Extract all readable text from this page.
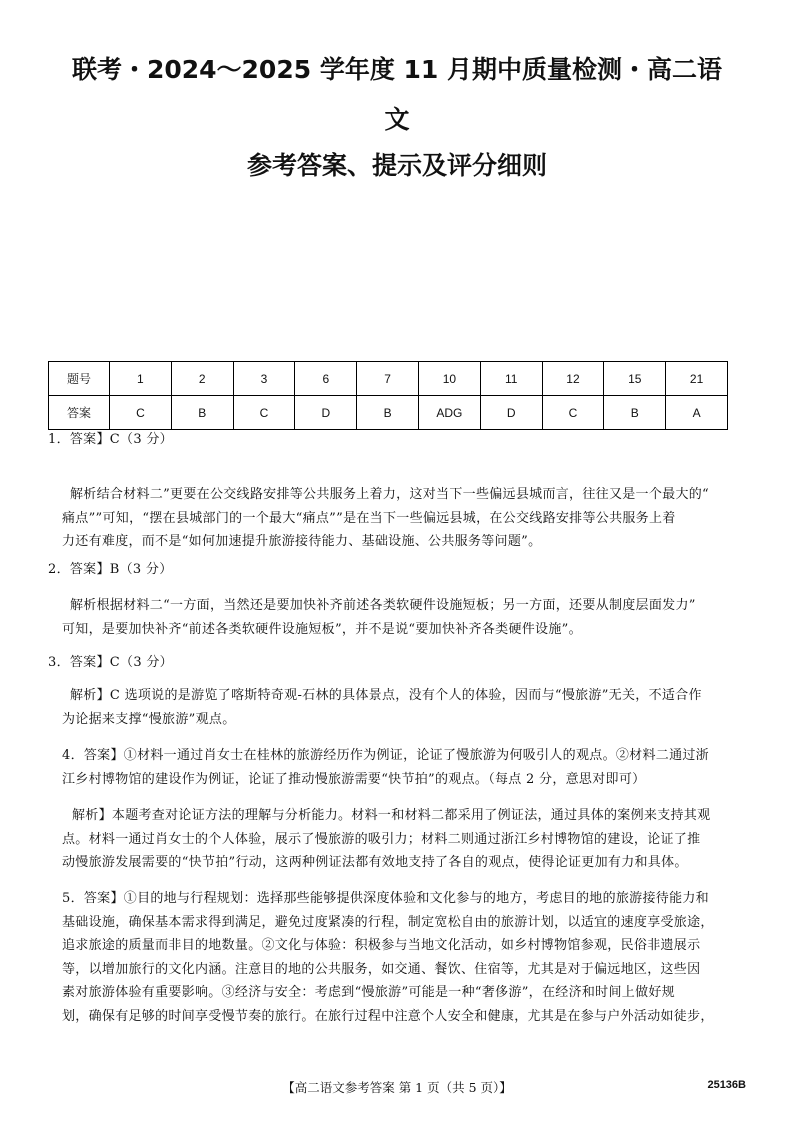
联考・2024～2025 学年度 11 月期中质量检测・高二语
文
参考答案、提示及评分细则
题号	1	2	3	6	7	10	11	12	15	21
答案	C	B	C	D	B	ADG	D	C	B	A

1．答案】C（3 分）

解析结合材料二”更要在公交线路安排等公共服务上着力，这对当下一些偏远县城而言，往往又是一个最大的“
痛点””可知，“摆在县城部门的一个最大“痛点””是在当下一些偏远县城，在公交线路安排等公共服务上着
力还有难度，而不是“如何加速提升旅游接待能力、基础设施、公共服务等问题”。

2．答案】B（3 分）

解析根据材料二“一方面，当然还是要加快补齐前述各类软硬件设施短板；另一方面，还要从制度层面发力”
可知，是要加快补齐“前述各类软硬件设施短板”，并不是说“要加快补齐各类硬件设施”。

3．答案】C（3 分）

解析】C 选项说的是游览了喀斯特奇观-石林的具体景点，没有个人的体验，因而与“慢旅游”无关，不适合作
为论据来支撑“慢旅游”观点。
4．答案】①材料一通过肖女士在桂林的旅游经历作为例证，论证了慢旅游为何吸引人的观点。②材料二通过浙
江乡村博物馆的建设作为例证，论证了推动慢旅游需要“快节拍”的观点。（每点 2 分，意思对即可）
解析】本题考查对论证方法的理解与分析能力。材料一和材料二都采用了例证法，通过具体的案例来支持其观
点。材料一通过肖女士的个人体验，展示了慢旅游的吸引力；材料二则通过浙江乡村博物馆的建设，论证了推
动慢旅游发展需要的“快节拍”行动，这两种例证法都有效地支持了各自的观点，使得论证更加有力和具体。
5．答案】①目的地与行程规划：选择那些能够提供深度体验和文化参与的地方，考虑目的地的旅游接待能力和
基础设施，确保基本需求得到满足，避免过度紧凑的行程，制定宽松自由的旅游计划，以适宜的速度享受旅途，
追求旅途的质量而非目的地数量。②文化与体验：积极参与当地文化活动，如乡村博物馆参观，民俗非遗展示
等，以增加旅行的文化内涵。注意目的地的公共服务，如交通、餐饮、住宿等，尤其是对于偏远地区，这些因
素对旅游体验有重要影响。③经济与安全：考虑到“慢旅游”可能是一种“奢侈游”，在经济和时间上做好规
划，确保有足够的时间享受慢节奏的旅行。在旅行过程中注意个人安全和健康，尤其是在参与户外活动如徒步，
【高二语文参考答案 第 1 页（共 5 页）】	25136B
